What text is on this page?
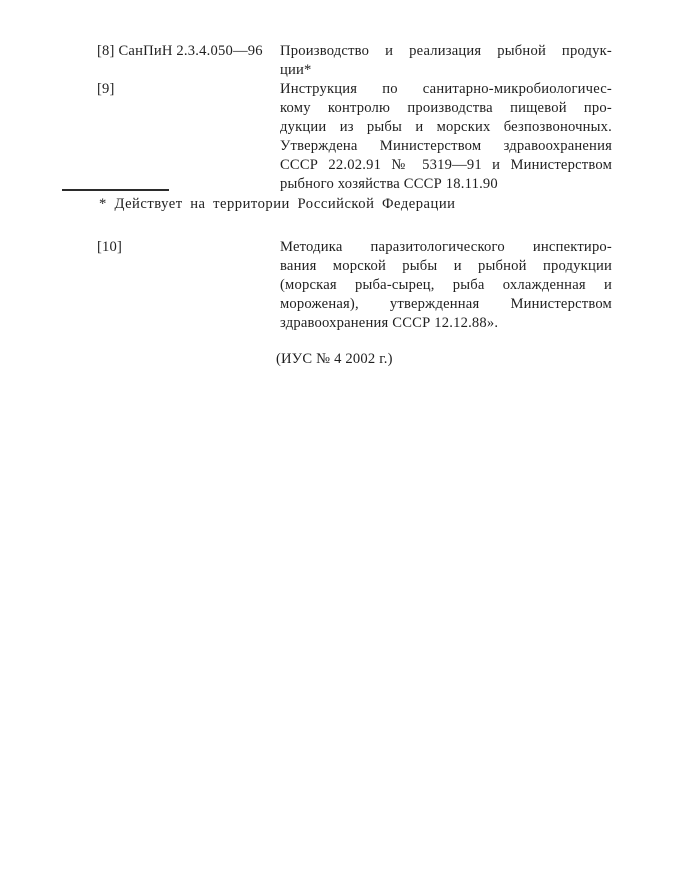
[8] СанПиН 2.3.4.050—96	Производство и реализация рыбной продук-
ции*
[9]	Инструкция по санитарно-микробиологичес-
кому контролю производства пищевой про-
дукции из рыбы и морских безпозвоночных.
Утверждена Министерством здравоохранения
СССР 22.02.91 № 5319—91 и Министерством
рыбного хозяйства СССР 18.11.90
* Действует на территории Российской Федерации
[10]	Методика паразитологического инспектиро-
вания морской рыбы и рыбной продукции
(морская рыба-сырец, рыба охлажденная и
мороженая), утвержденная Министерством
здравоохранения СССР 12.12.88».
(ИУС № 4 2002 г.)
